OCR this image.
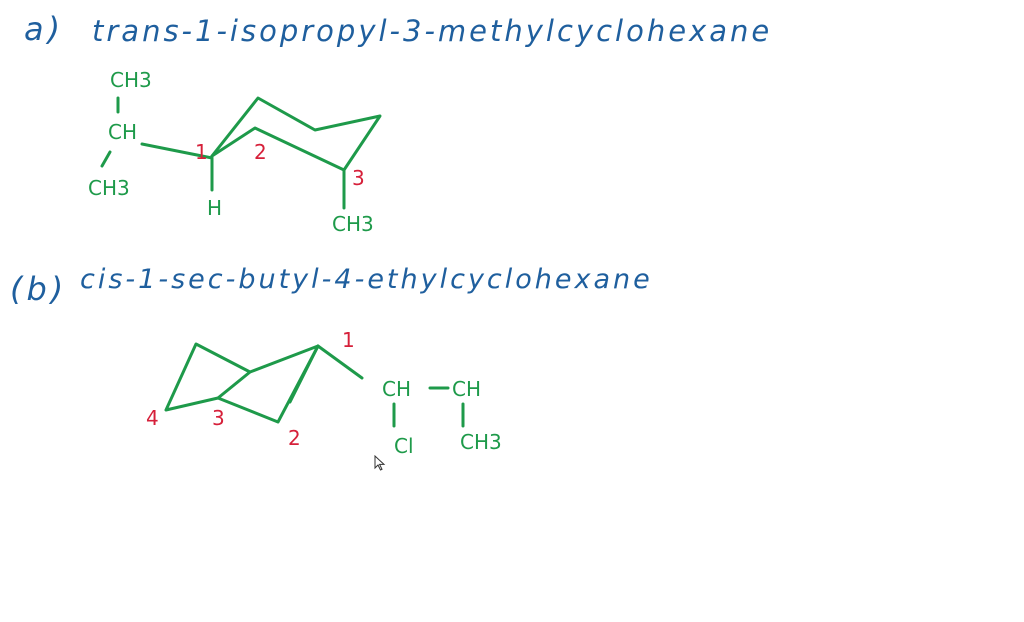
a) trans-1-isopropyl-3-methylcyclohexane
(b) cis-1-sec-butyl-4-ethylcyclohexane
CH3
CH
CH3
H
CH3
1 2
3
CH CH
Cl CH3
1
2
3
4
